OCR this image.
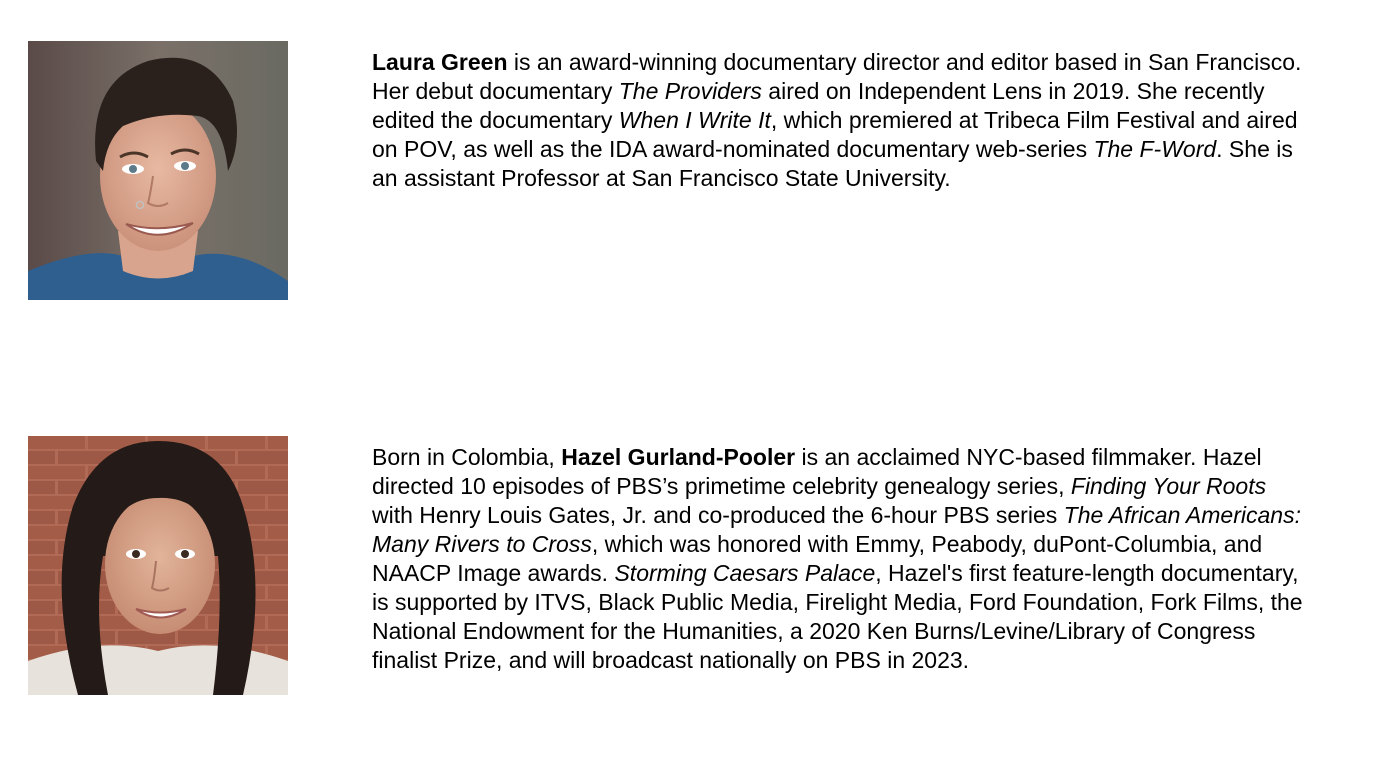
Laura Green is an award-winning documentary director and editor based in San Francisco. Her debut documentary The Providers aired on Independent Lens in 2019. She recently edited the documentary When I Write It, which premiered at Tribeca Film Festival and aired on POV, as well as the IDA award-nominated documentary web-series The F-Word. She is an assistant Professor at San Francisco State University.

Born in Colombia, Hazel Gurland-Pooler is an acclaimed NYC-based filmmaker. Hazel directed 10 episodes of PBS’s primetime celebrity genealogy series, Finding Your Roots with Henry Louis Gates, Jr. and co-produced the 6-hour PBS series The African Americans: Many Rivers to Cross, which was honored with Emmy, Peabody, duPont-Columbia, and NAACP Image awards. Storming Caesars Palace, Hazel's first feature-length documentary, is supported by ITVS, Black Public Media, Firelight Media, Ford Foundation, Fork Films, the National Endowment for the Humanities, a 2020 Ken Burns/Levine/Library of Congress finalist Prize, and will broadcast nationally on PBS in 2023.
